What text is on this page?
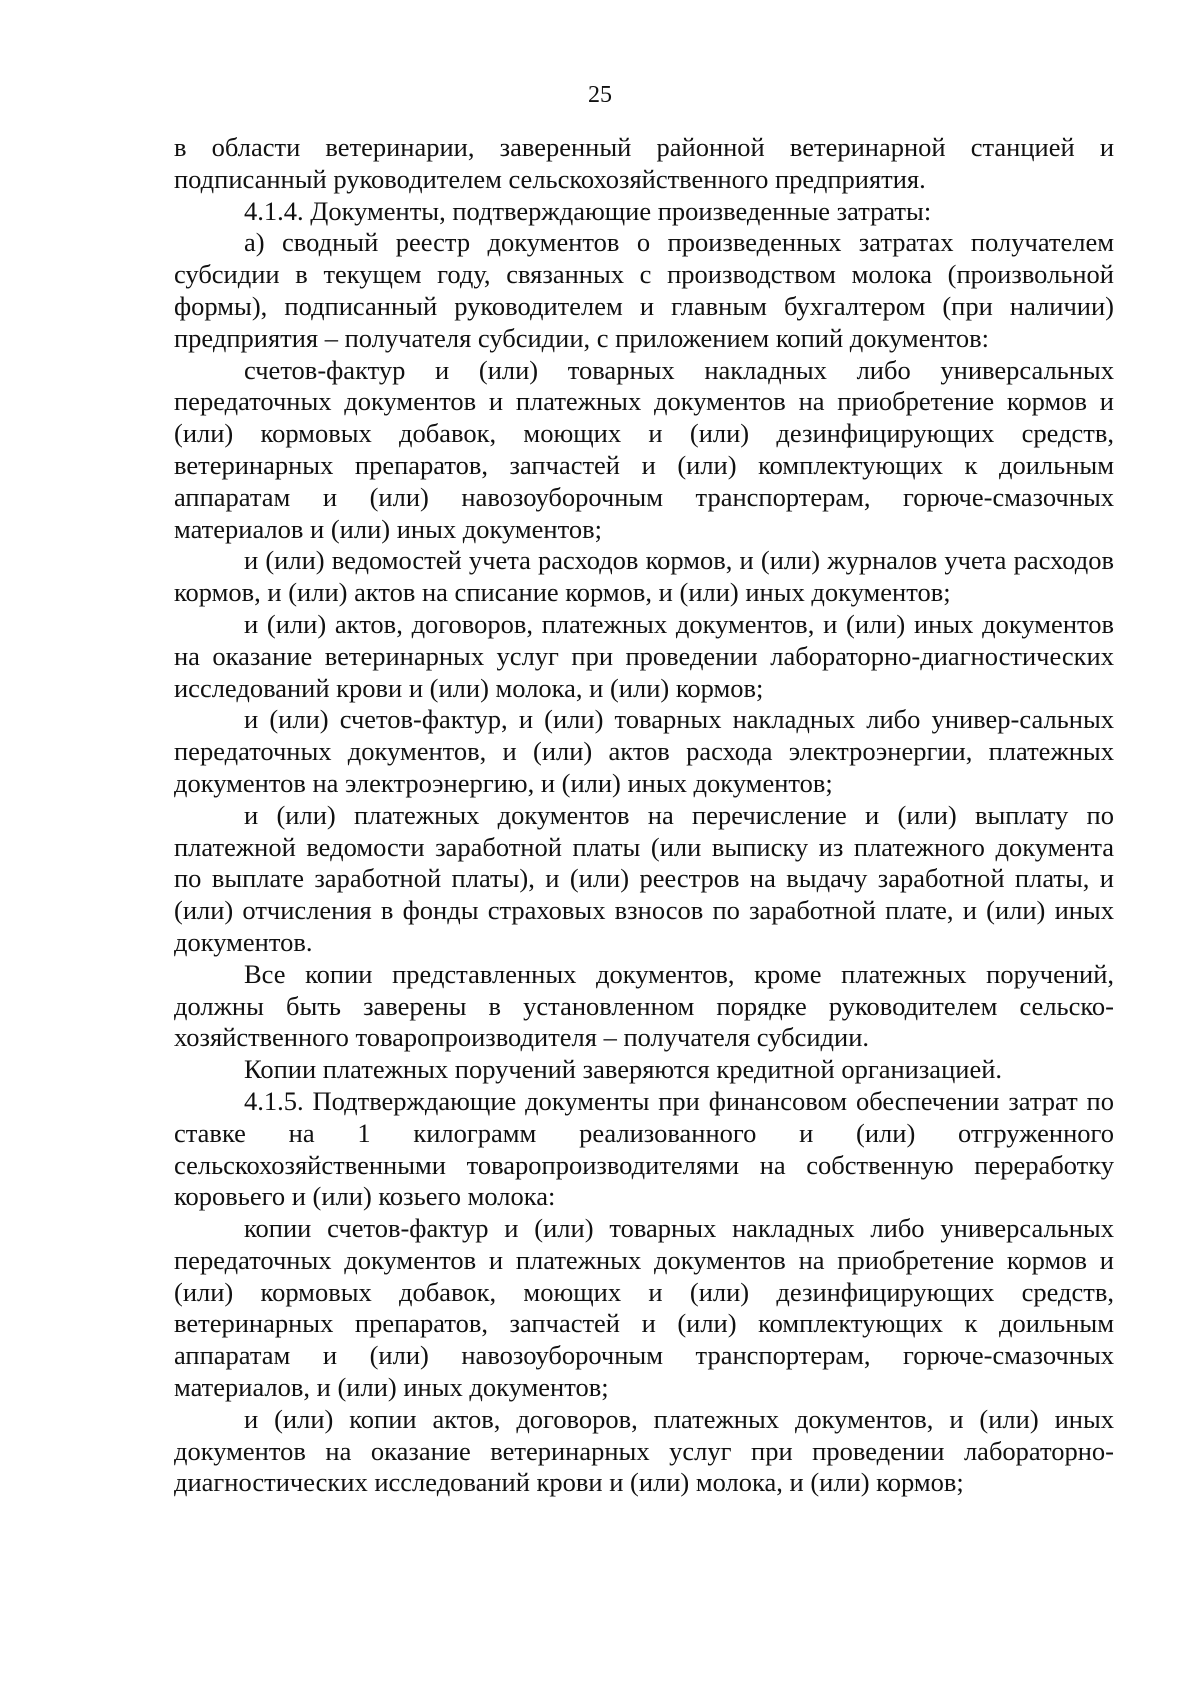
25

в области ветеринарии, заверенный районной ветеринарной станцией и подписанный руководителем сельскохозяйственного предприятия.

4.1.4. Документы, подтверждающие произведенные затраты:

а) сводный реестр документов о произведенных затратах получателем субсидии в текущем году, связанных с производством молока (произвольной формы), подписанный руководителем и главным бухгалтером (при наличии) предприятия – получателя субсидии, с приложением копий документов:

счетов-фактур и (или) товарных накладных либо универсальных передаточных документов и платежных документов на приобретение кормов и (или) кормовых добавок, моющих и (или) дезинфицирующих средств, ветеринарных препаратов, запчастей и (или) комплектующих к доильным аппаратам и (или) навозоуборочным транспортерам, горюче-смазочных материалов и (или) иных документов;

и (или) ведомостей учета расходов кормов, и (или) журналов учета расходов кормов, и (или) актов на списание кормов, и (или) иных документов;

и (или) актов, договоров, платежных документов, и (или) иных документов на оказание ветеринарных услуг при проведении лабораторно-диагностических исследований крови и (или) молока, и (или) кормов;

и (или) счетов-фактур, и (или) товарных накладных либо универ-сальных передаточных документов, и (или) актов расхода электроэнергии, платежных документов на электроэнергию, и (или) иных документов;

и (или) платежных документов на перечисление и (или) выплату по платежной ведомости заработной платы (или выписку из платежного документа по выплате заработной платы), и (или) реестров на выдачу заработной платы, и (или) отчисления в фонды страховых взносов по заработной плате, и (или) иных документов.

Все копии представленных документов, кроме платежных поручений, должны быть заверены в установленном порядке руководителем сельско-хозяйственного товаропроизводителя – получателя субсидии.

Копии платежных поручений заверяются кредитной организацией.

4.1.5. Подтверждающие документы при финансовом обеспечении затрат по ставке на 1 килограмм реализованного и (или) отгруженного сельскохозяйственными товаропроизводителями на собственную переработку коровьего и (или) козьего молока:

копии счетов-фактур и (или) товарных накладных либо универсальных передаточных документов и платежных документов на приобретение кормов и (или) кормовых добавок, моющих и (или) дезинфицирующих средств, ветеринарных препаратов, запчастей и (или) комплектующих к доильным аппаратам и (или) навозоуборочным транспортерам, горюче-смазочных материалов, и (или) иных документов;

и (или) копии актов, договоров, платежных документов, и (или) иных документов на оказание ветеринарных услуг при проведении лабораторно-диагностических исследований крови и (или) молока, и (или) кормов;
